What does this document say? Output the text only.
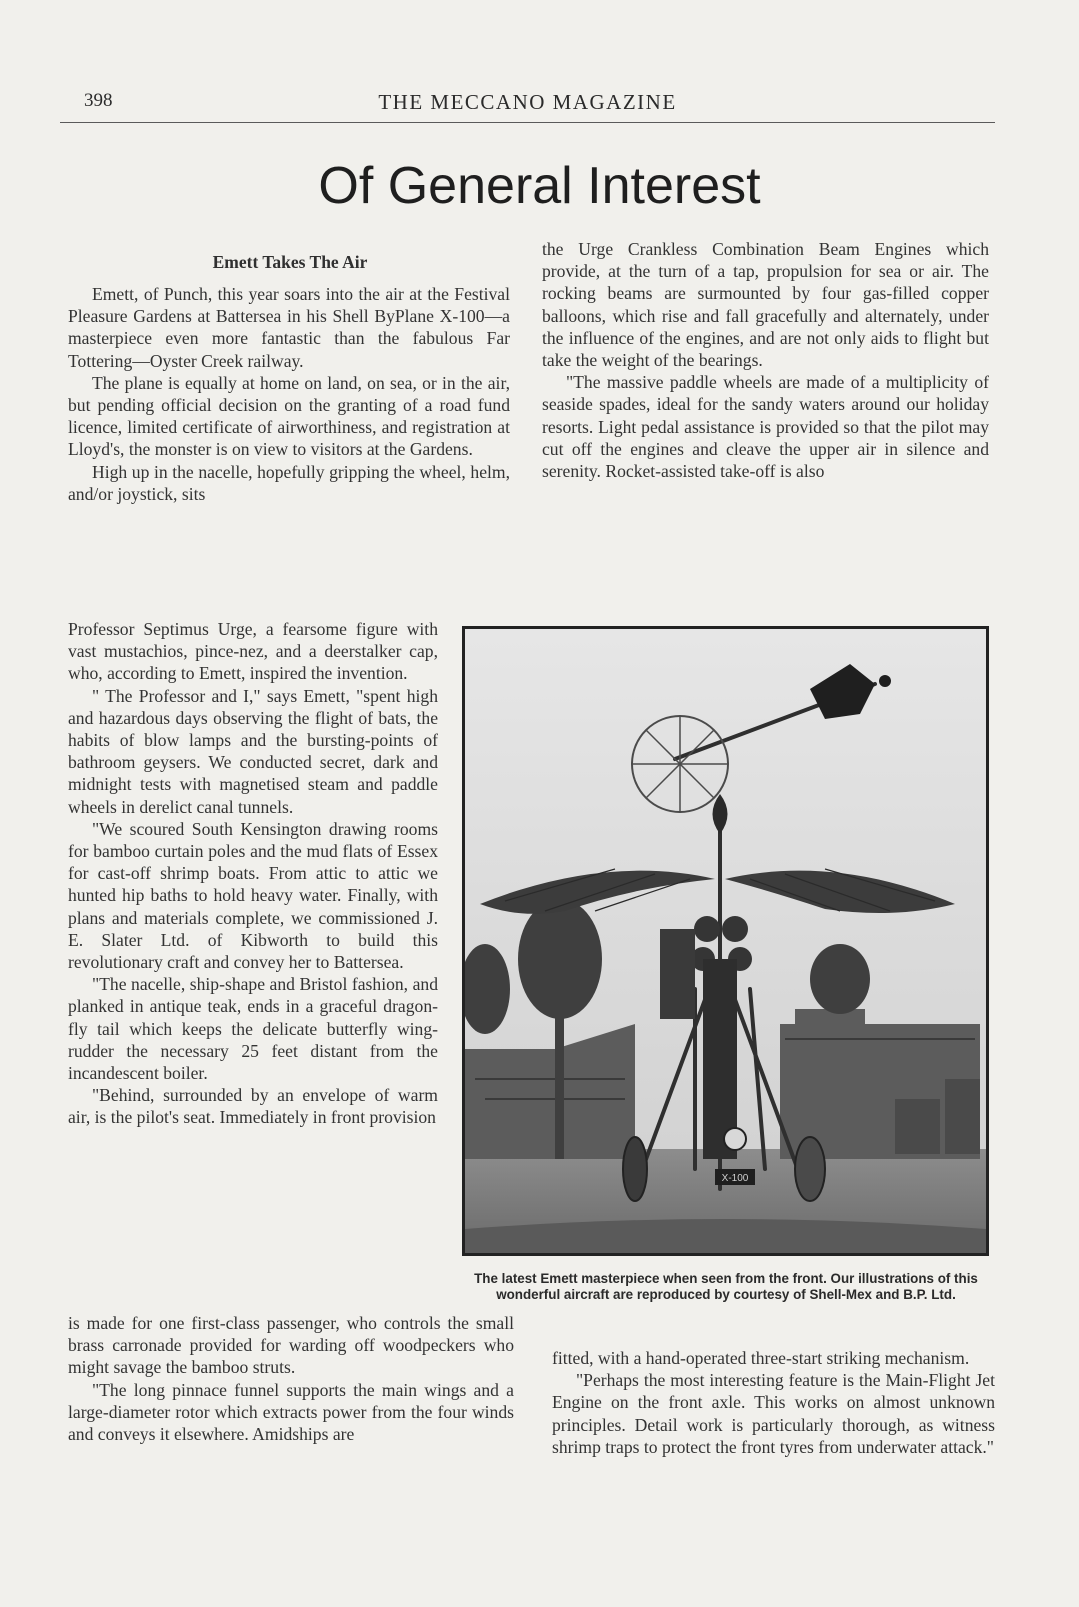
398	THE MECCANO MAGAZINE
Of General Interest
Emett Takes The Air

Emett, of Punch, this year soars into the air at the Festival Pleasure Gardens at Battersea in his Shell ByPlane X-100—a masterpiece even more fantastic than the fabulous Far Tottering—Oyster Creek railway.

The plane is equally at home on land, on sea, or in the air, but pending official decision on the granting of a road fund licence, limited certificate of airworthiness, and registration at Lloyd's, the monster is on view to visitors at the Gardens.

High up in the nacelle, hopefully gripping the wheel, helm, and/or joystick, sits

Professor Septimus Urge, a fearsome figure with vast mustachios, pince-nez, and a deerstalker cap, who, according to Emett, inspired the invention.

" The Professor and I," says Emett, "spent high and hazardous days observing the flight of bats, the habits of blow lamps and the bursting-points of bathroom geysers. We conducted secret, dark and midnight tests with magnetised steam and paddle wheels in derelict canal tunnels.

"We scoured South Kensington drawing rooms for bamboo curtain poles and the mud flats of Essex for cast-off shrimp boats. From attic to attic we hunted hip baths to hold heavy water. Finally, with plans and materials complete, we commissioned J. E. Slater Ltd. of Kibworth to build this revolutionary craft and convey her to Battersea.

"The nacelle, ship-shape and Bristol fashion, and planked in antique teak, ends in a graceful dragon-fly tail which keeps the delicate butterfly wing-rudder the necessary 25 feet distant from the incandescent boiler.

"Behind, surrounded by an envelope of warm air, is the pilot's seat. Immediately in front provision

is made for one first-class passenger, who controls the small brass carronade provided for warding off woodpeckers who might savage the bamboo struts.

"The long pinnace funnel supports the main wings and a large-diameter rotor which extracts power from the four winds and conveys it elsewhere. Amidships are

the Urge Crankless Combination Beam Engines which provide, at the turn of a tap, propulsion for sea or air. The rocking beams are surmounted by four gas-filled copper balloons, which rise and fall gracefully and alternately, under the influence of the engines, and are not only aids to flight but take the weight of the bearings.

"The massive paddle wheels are made of a multiplicity of seaside spades, ideal for the sandy waters around our holiday resorts. Light pedal assistance is provided so that the pilot may cut off the engines and cleave the upper air in silence and serenity. Rocket-assisted take-off is also

X-100
The latest Emett masterpiece when seen from the front. Our illustrations of this wonderful aircraft are reproduced by courtesy of Shell-Mex and B.P. Ltd.

fitted, with a hand-operated three-start striking mechanism.

"Perhaps the most interesting feature is the Main-Flight Jet Engine on the front axle. This works on almost unknown principles. Detail work is particularly thorough, as witness shrimp traps to protect the front tyres from underwater attack."
